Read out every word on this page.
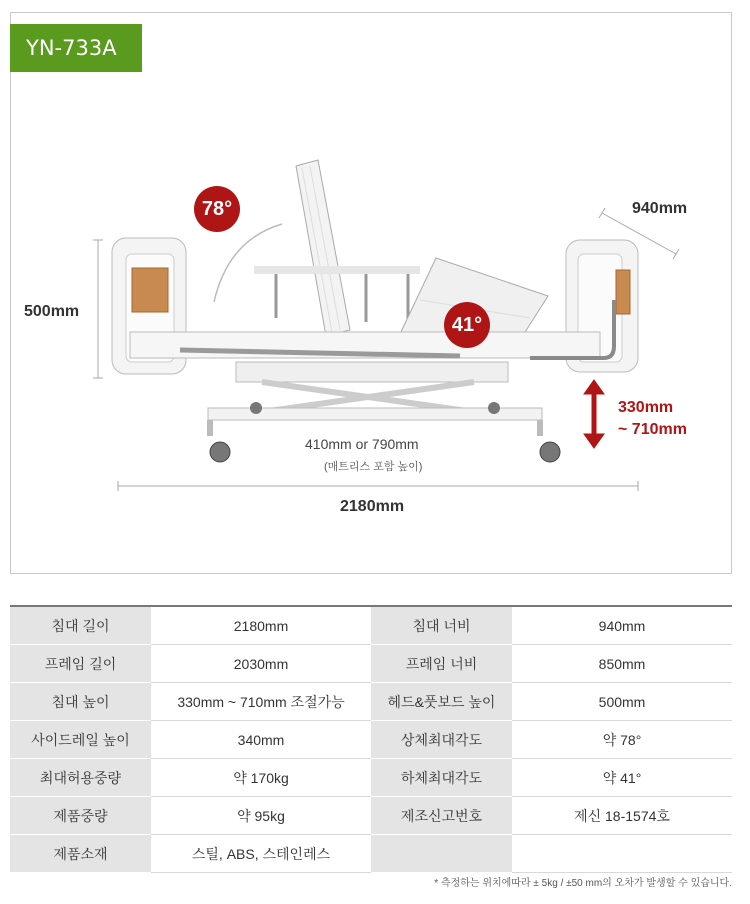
YN-733A
78°
41°
940mm
500mm
330mm
~ 710mm
410mm or 790mm
(매트리스 포함 높이)
2180mm
침대 길이	2180mm	침대 너비	940mm
프레임 길이	2030mm	프레임 너비	850mm
침대 높이	330mm ~ 710mm 조절가능	헤드&풋보드 높이	500mm
사이드레일 높이	340mm	상체최대각도	약 78°
최대허용중량	약 170kg	하체최대각도	약 41°
제품중량	약 95kg	제조신고번호	제신 18-1574호
제품소재	스틸, ABS, 스테인레스		
* 측정하는 위치에따라 ± 5kg / ±50 mm의 오차가 발생할 수 있습니다.
